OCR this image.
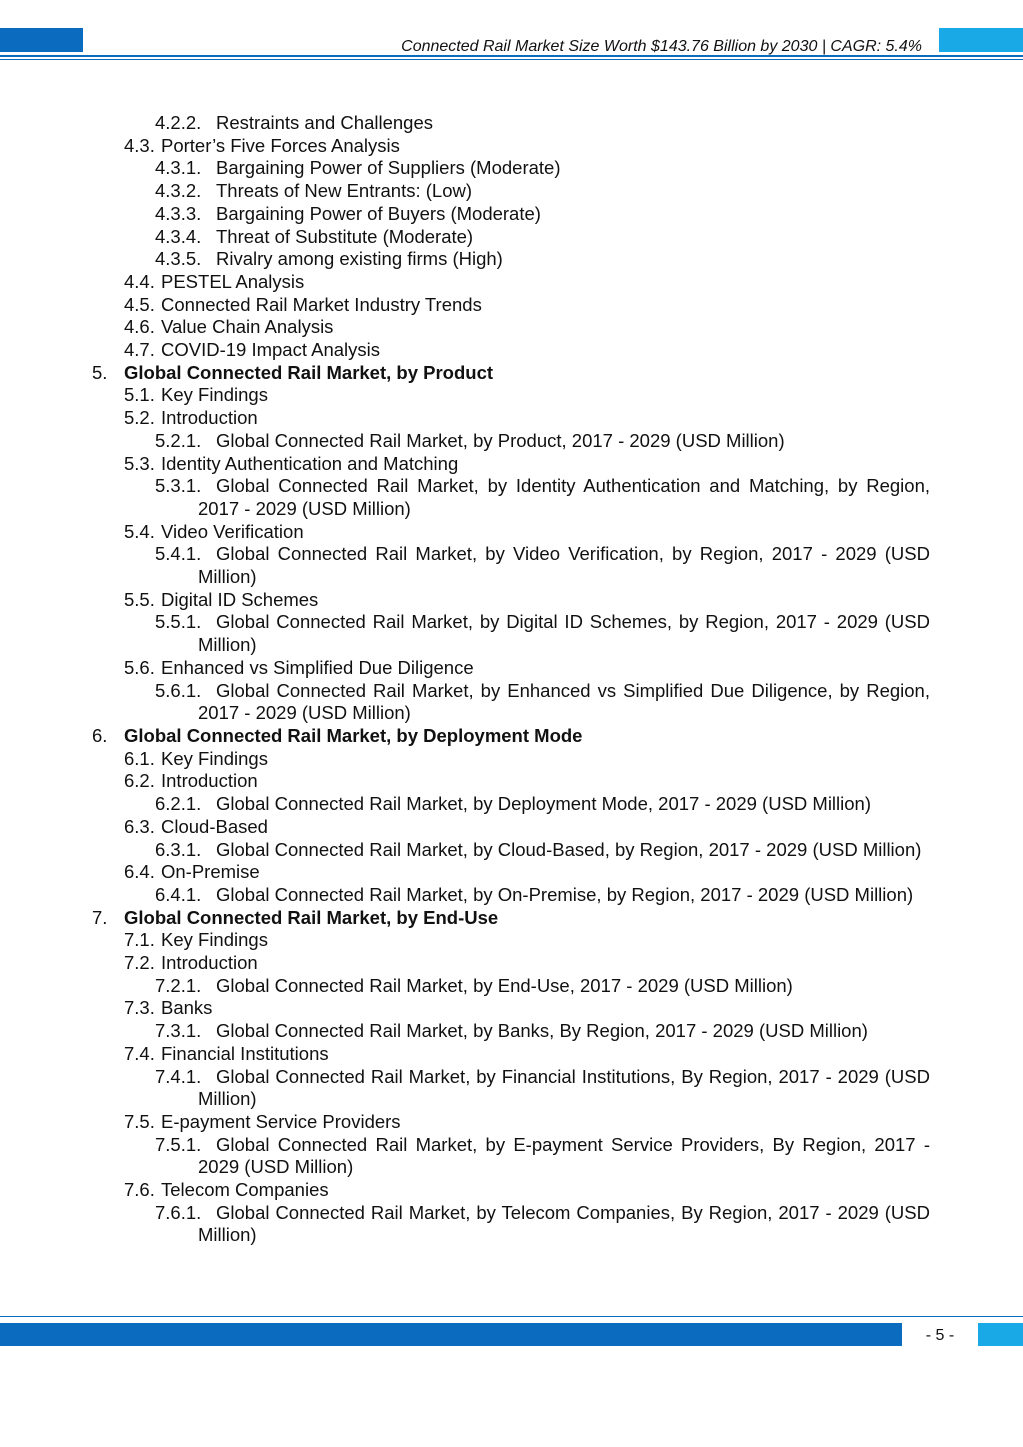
Connected Rail Market Size Worth $143.76 Billion by 2030 | CAGR: 5.4%
4.2.2. Restraints and Challenges
4.3. Porter’s Five Forces Analysis
4.3.1. Bargaining Power of Suppliers (Moderate)
4.3.2. Threats of New Entrants: (Low)
4.3.3. Bargaining Power of Buyers (Moderate)
4.3.4. Threat of Substitute (Moderate)
4.3.5. Rivalry among existing firms (High)
4.4. PESTEL Analysis
4.5. Connected Rail Market Industry Trends
4.6. Value Chain Analysis
4.7. COVID-19 Impact Analysis
5. Global Connected Rail Market, by Product
5.1. Key Findings
5.2. Introduction
5.2.1. Global Connected Rail Market, by Product, 2017 - 2029 (USD Million)
5.3. Identity Authentication and Matching
5.3.1. Global Connected Rail Market, by Identity Authentication and Matching, by Region, 2017 - 2029 (USD Million)
5.4. Video Verification
5.4.1. Global Connected Rail Market, by Video Verification, by Region, 2017 - 2029 (USD Million)
5.5. Digital ID Schemes
5.5.1. Global Connected Rail Market, by Digital ID Schemes, by Region, 2017 - 2029 (USD Million)
5.6. Enhanced vs Simplified Due Diligence
5.6.1. Global Connected Rail Market, by Enhanced vs Simplified Due Diligence, by Region, 2017 - 2029 (USD Million)
6. Global Connected Rail Market, by Deployment Mode
6.1. Key Findings
6.2. Introduction
6.2.1. Global Connected Rail Market, by Deployment Mode, 2017 - 2029 (USD Million)
6.3. Cloud-Based
6.3.1. Global Connected Rail Market, by Cloud-Based, by Region, 2017 - 2029 (USD Million)
6.4. On-Premise
6.4.1. Global Connected Rail Market, by On-Premise, by Region, 2017 - 2029 (USD Million)
7. Global Connected Rail Market, by End-Use
7.1. Key Findings
7.2. Introduction
7.2.1. Global Connected Rail Market, by End-Use, 2017 - 2029 (USD Million)
7.3. Banks
7.3.1. Global Connected Rail Market, by Banks, By Region, 2017 - 2029 (USD Million)
7.4. Financial Institutions
7.4.1. Global Connected Rail Market, by Financial Institutions, By Region, 2017 - 2029 (USD Million)
7.5. E-payment Service Providers
7.5.1. Global Connected Rail Market, by E-payment Service Providers, By Region, 2017 - 2029 (USD Million)
7.6. Telecom Companies
7.6.1. Global Connected Rail Market, by Telecom Companies, By Region, 2017 - 2029 (USD Million)
- 5 -
